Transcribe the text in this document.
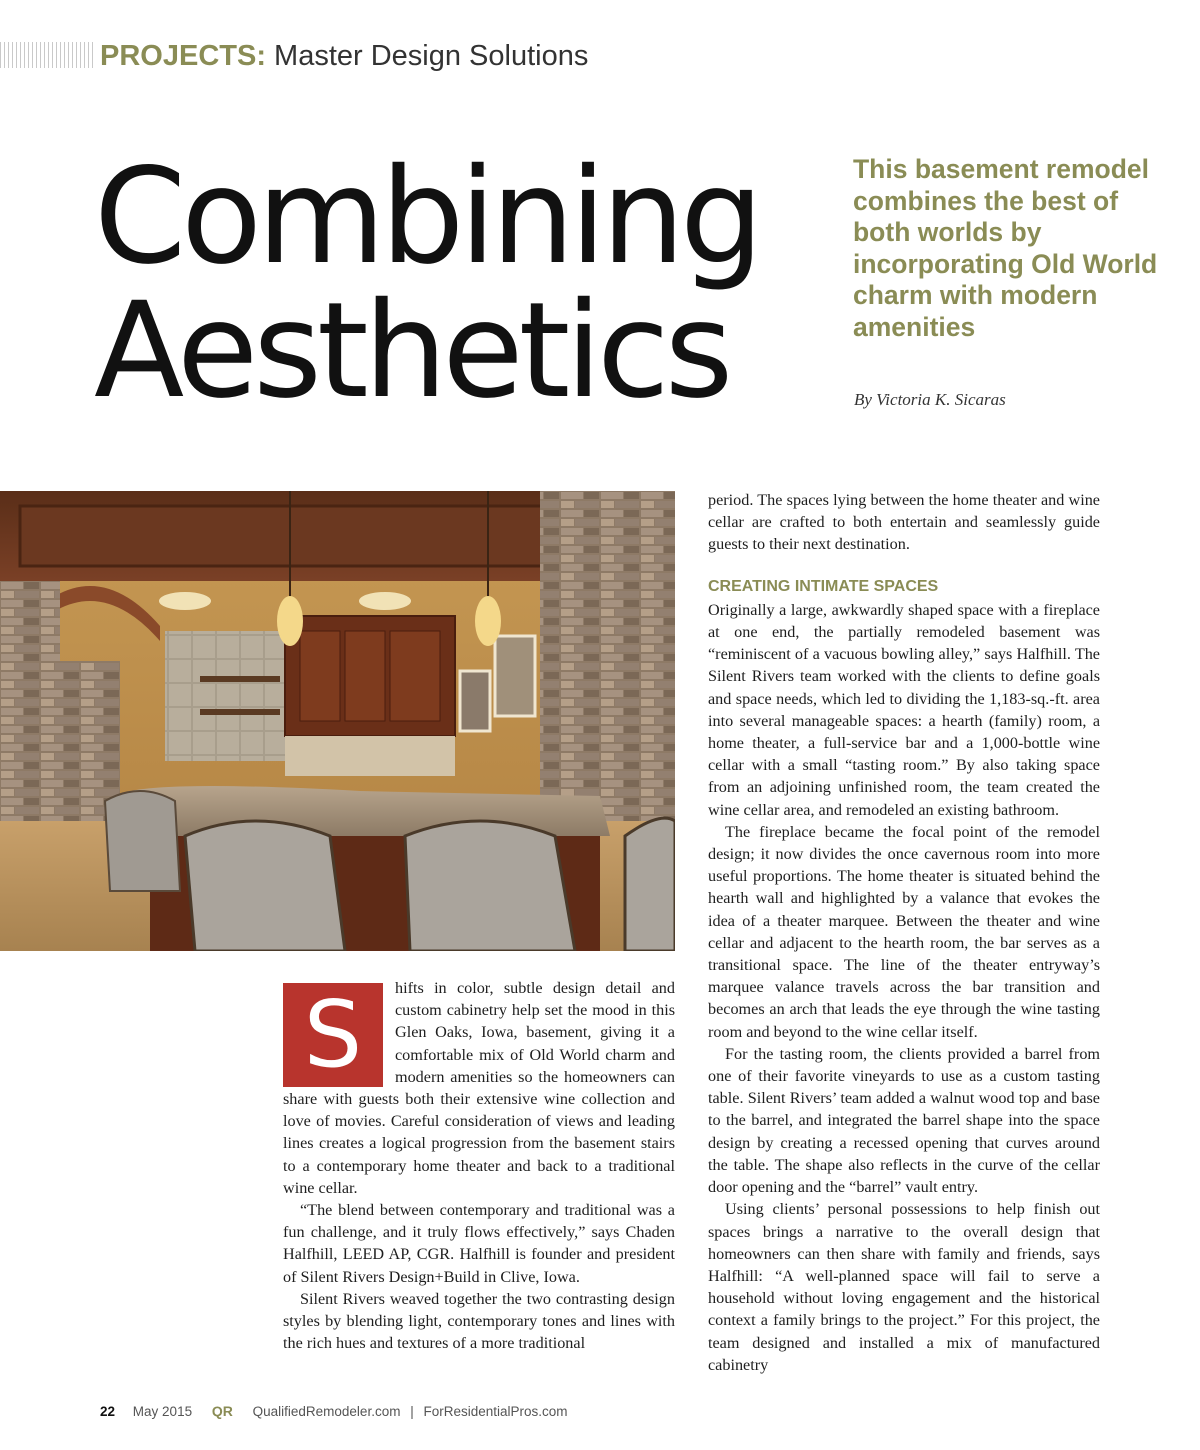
PROJECTS: Master Design Solutions
Combining
Aesthetics

This basement remodel combines the best of both worlds by incorporating Old World charm with modern amenities

By Victoria K. Sicaras
S	hifts in color, subtle design detail and custom cabinetry help set the mood in this Glen Oaks, Iowa, basement, giving it a comfortable mix of Old World charm and modern amenities so the homeowners can share with guests both their extensive wine collection and love of movies. Careful consideration of views and leading lines creates a logical progression from the basement stairs to a contemporary home theater and back to a traditional wine cellar.

“The blend between contemporary and traditional was a fun challenge, and it truly flows effectively,” says Chaden Halfhill, LEED AP, CGR. Halfhill is founder and president of Silent Rivers Design+Build in Clive, Iowa.

Silent Rivers weaved together the two contrasting design styles by blending light, contemporary tones and lines with the rich hues and textures of a more traditional

period. The spaces lying between the home theater and wine cellar are crafted to both entertain and seamlessly guide guests to their next destination.

CREATING INTIMATE SPACES

Originally a large, awkwardly shaped space with a fireplace at one end, the partially remodeled basement was “reminiscent of a vacuous bowling alley,” says Halfhill. The Silent Rivers team worked with the clients to define goals and space needs, which led to dividing the 1,183-sq.-ft. area into several manageable spaces: a hearth (family) room, a home theater, a full-service bar and a 1,000-bottle wine cellar with a small “tasting room.” By also taking space from an adjoining unfinished room, the team created the wine cellar area, and remodeled an existing bathroom.

The fireplace became the focal point of the remodel design; it now divides the once cavernous room into more useful proportions. The home theater is situated behind the hearth wall and highlighted by a valance that evokes the idea of a theater marquee. Between the theater and wine cellar and adjacent to the hearth room, the bar serves as a transitional space. The line of the theater entryway’s marquee valance travels across the bar transition and becomes an arch that leads the eye through the wine tasting room and beyond to the wine cellar itself.

For the tasting room, the clients provided a barrel from one of their favorite vineyards to use as a custom tasting table. Silent Rivers’ team added a walnut wood top and base to the barrel, and integrated the barrel shape into the space design by creating a recessed opening that curves around the table. The shape also reflects in the curve of the cellar door opening and the “barrel” vault entry.

Using clients’ personal possessions to help finish out spaces brings a narrative to the overall design that homeowners can then share with family and friends, says Halfhill: “A well-planned space will fail to serve a household without loving engagement and the historical context a family brings to the project.” For this project, the team designed and installed a mix of manufactured cabinetry

22 May 2015 QR QualifiedRemodeler.com | ForResidentialPros.com
